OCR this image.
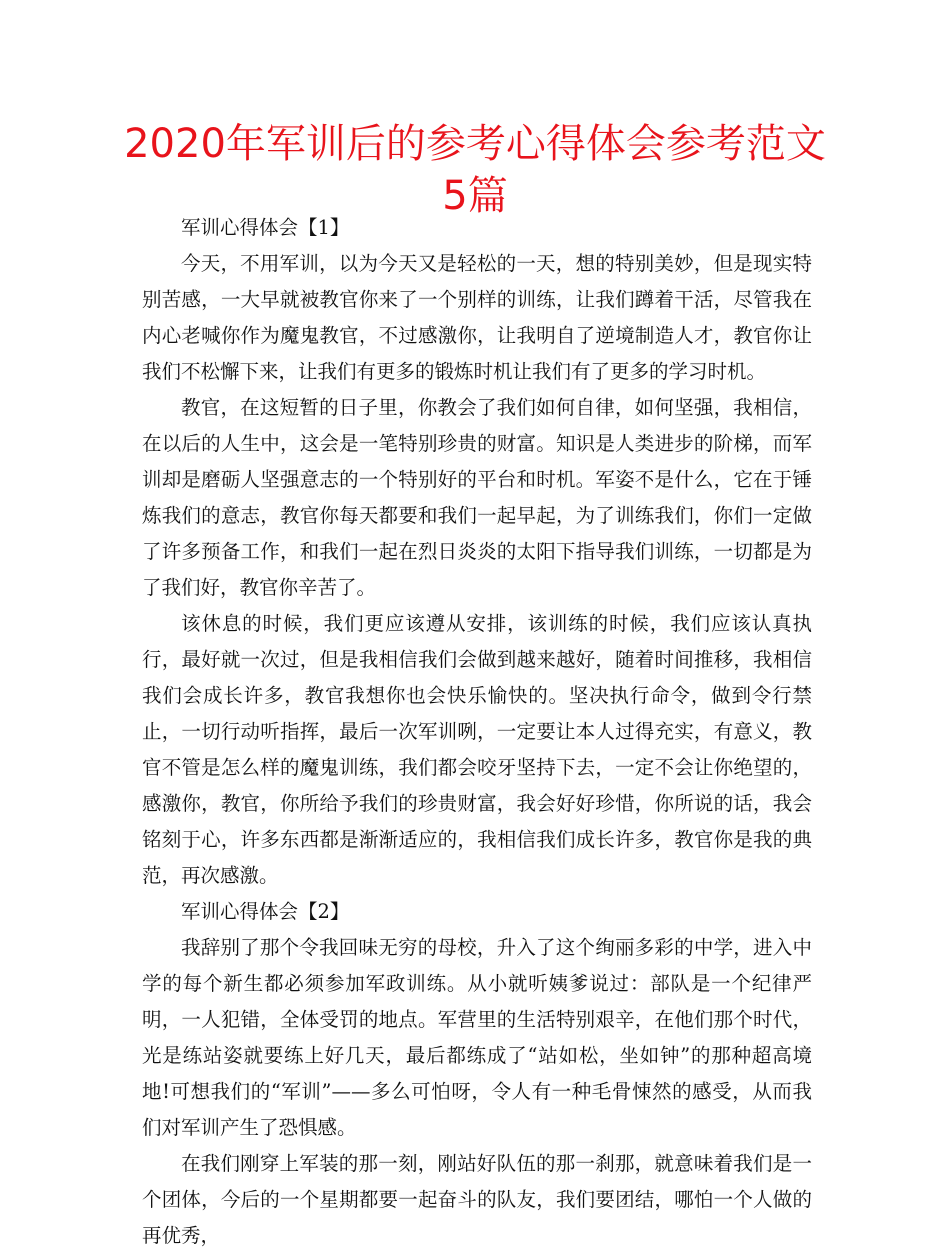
2020年军训后的参考心得体会参考范文5篇

军训心得体会【1】

今天，不用军训，以为今天又是轻松的一天，想的特别美妙，但是现实特别苦感，一大早就被教官你来了一个别样的训练，让我们蹲着干活，尽管我在内心老喊你作为魔鬼教官，不过感激你，让我明自了逆境制造人才，教官你让我们不松懈下来，让我们有更多的锻炼时机让我们有了更多的学习时机。

教官，在这短暂的日子里，你教会了我们如何自律，如何坚强，我相信，在以后的人生中，这会是一笔特别珍贵的财富。知识是人类进步的阶梯，而军训却是磨砺人坚强意志的一个特别好的平台和时机。军姿不是什么，它在于锤炼我们的意志，教官你每天都要和我们一起早起，为了训练我们，你们一定做了许多预备工作，和我们一起在烈日炎炎的太阳下指导我们训练，一切都是为了我们好，教官你辛苦了。

该休息的时候，我们更应该遵从安排，该训练的时候，我们应该认真执行，最好就一次过，但是我相信我们会做到越来越好，随着时间推移，我相信我们会成长许多，教官我想你也会快乐愉快的。坚决执行命令，做到令行禁止，一切行动听指挥，最后一次军训咧，一定要让本人过得充实，有意义，教官不管是怎么样的魔鬼训练，我们都会咬牙坚持下去，一定不会让你绝望的，感激你，教官，你所给予我们的珍贵财富，我会好好珍惜，你所说的话，我会铭刻于心，许多东西都是渐渐适应的，我相信我们成长许多，教官你是我的典范，再次感激。

军训心得体会【2】

我辞别了那个令我回味无穷的母校，升入了这个绚丽多彩的中学，进入中学的每个新生都必须参加军政训练。从小就听姨爹说过：部队是一个纪律严明，一人犯错，全体受罚的地点。军营里的生活特别艰辛，在他们那个时代，光是练站姿就要练上好几天，最后都练成了“站如松，坐如钟”的那种超高境地!可想我们的“军训”——多么可怕呀，令人有一种毛骨悚然的感受，从而我们对军训产生了恐惧感。

在我们刚穿上军装的那一刻，刚站好队伍的那一刹那，就意味着我们是一个团体，今后的一个星期都要一起奋斗的队友，我们要团结，哪怕一个人做的再优秀，
